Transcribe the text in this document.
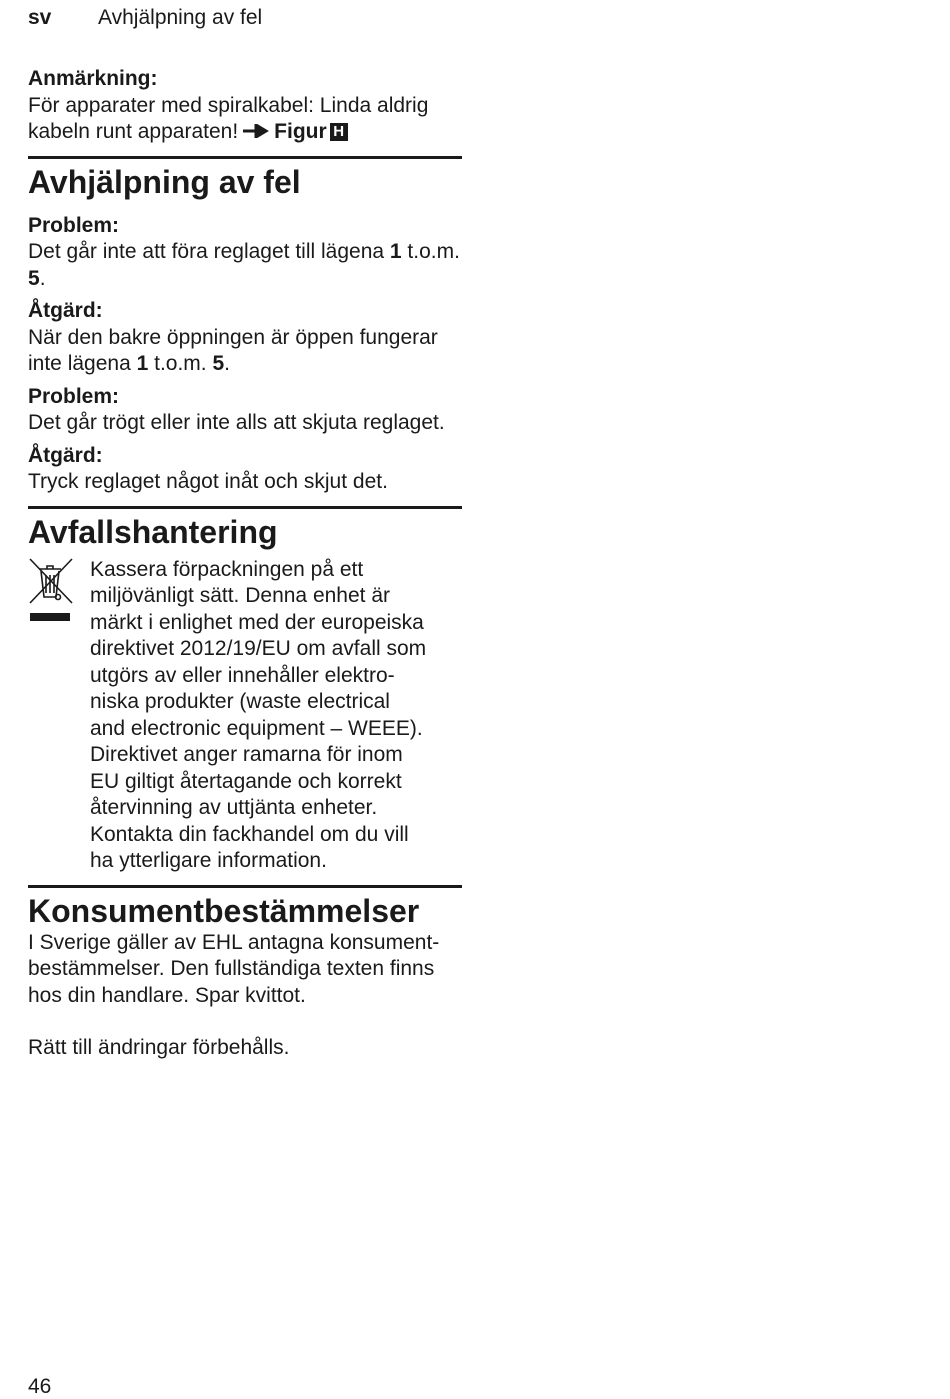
sv Avhjälpning av fel

Anmärkning:

För apparater med spiralkabel: Linda aldrig kabeln runt apparaten! Figur H

Avhjälpning av fel

Problem:

Det går inte att föra reglaget till lägena 1 t.o.m. 5.

Åtgärd:

När den bakre öppningen är öppen fungerar inte lägena 1 t.o.m. 5.

Problem:

Det går trögt eller inte alls att skjuta reglaget.

Åtgärd:

Tryck reglaget något inåt och skjut det.

Avfallshantering

Kassera förpackningen på ett

miljövänligt sätt. Denna enhet är

märkt i enlighet med der europeiska

direktivet 2012/19/EU om avfall som

utgörs av eller innehåller elektro-

niska produkter (waste electrical

and electronic equipment – WEEE).

Direktivet anger ramarna för inom

EU giltigt återtagande och korrekt

återvinning av uttjänta enheter.

Kontakta din fackhandel om du vill

ha ytterligare information.

Konsumentbestämmelser

I Sverige gäller av EHL antagna konsument-

bestämmelser. Den fullständiga texten finns

hos din handlare. Spar kvittot.

Rätt till ändringar förbehålls.

46
